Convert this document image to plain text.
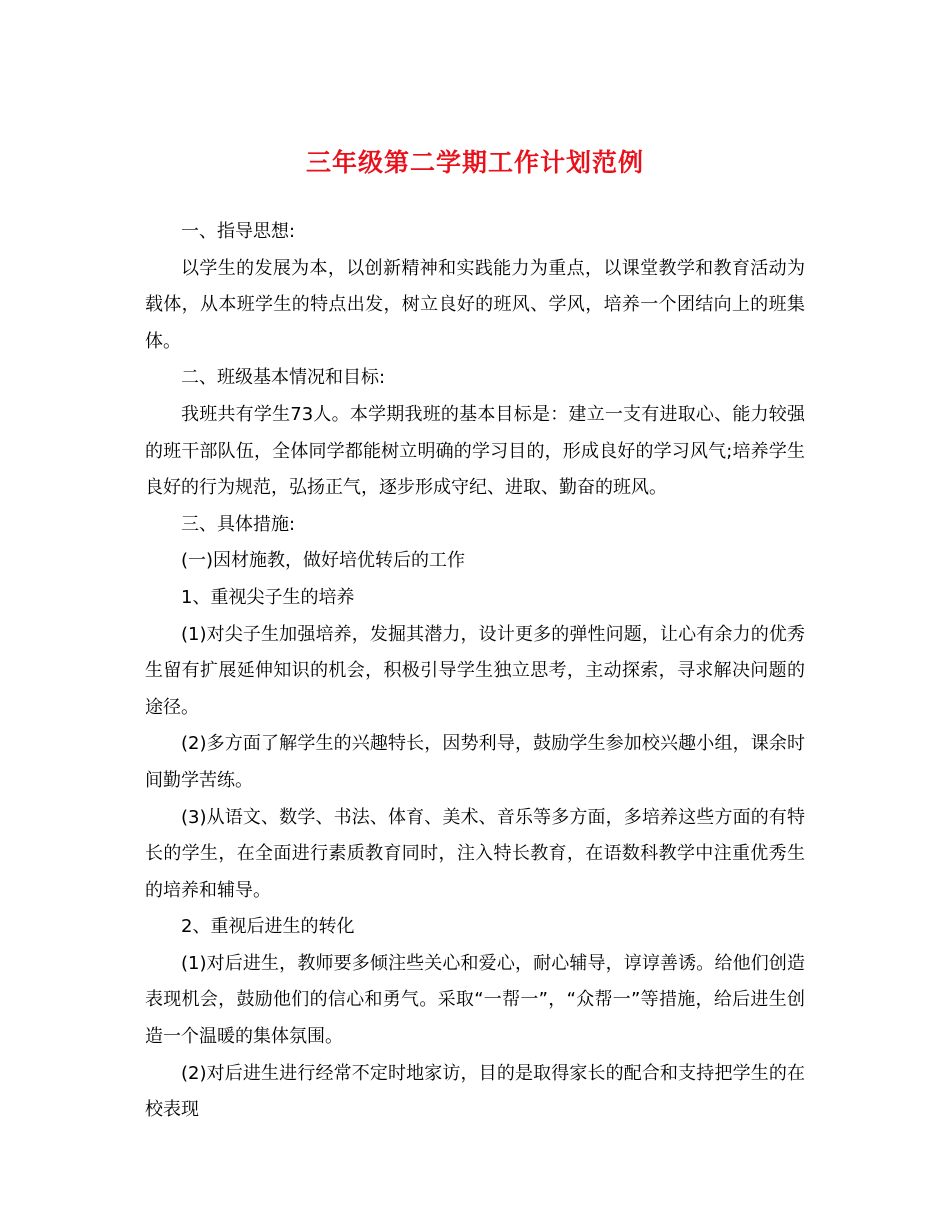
三年级第二学期工作计划范例

一、指导思想:

以学生的发展为本，以创新精神和实践能力为重点，以课堂教学和教育活动为载体，从本班学生的特点出发，树立良好的班风、学风，培养一个团结向上的班集体。

二、班级基本情况和目标:

我班共有学生73人。本学期我班的基本目标是：建立一支有进取心、能力较强的班干部队伍，全体同学都能树立明确的学习目的，形成良好的学习风气;培养学生良好的行为规范，弘扬正气，逐步形成守纪、进取、勤奋的班风。

三、具体措施:

(一)因材施教，做好培优转后的工作

1、重视尖子生的培养

(1)对尖子生加强培养，发掘其潜力，设计更多的弹性问题，让心有余力的优秀生留有扩展延伸知识的机会，积极引导学生独立思考，主动探索，寻求解决问题的途径。

(2)多方面了解学生的兴趣特长，因势利导，鼓励学生参加校兴趣小组，课余时间勤学苦练。

(3)从语文、数学、书法、体育、美术、音乐等多方面，多培养这些方面的有特长的学生，在全面进行素质教育同时，注入特长教育，在语数科教学中注重优秀生的培养和辅导。

2、重视后进生的转化

(1)对后进生，教师要多倾注些关心和爱心，耐心辅导，谆谆善诱。给他们创造表现机会，鼓励他们的信心和勇气。采取“一帮一”，“众帮一”等措施，给后进生创造一个温暖的集体氛围。

(2)对后进生进行经常不定时地家访，目的是取得家长的配合和支持把学生的在校表现
